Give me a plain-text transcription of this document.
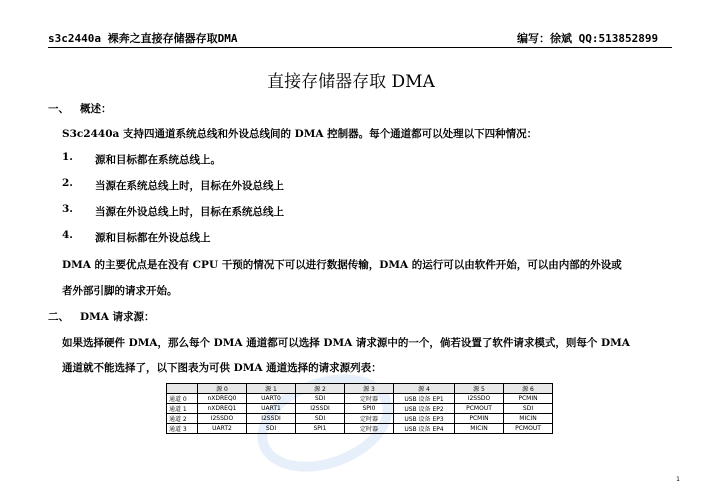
s3c2440a 裸奔之直接存储器存取DMA	编写：徐斌 QQ:513852899
直接存储器存取 DMA
一、 概述：
S3c2440a 支持四通道系统总线和外设总线间的 DMA 控制器。每个通道都可以处理以下四种情况：
1. 源和目标都在系统总线上。
2. 当源在系统总线上时，目标在外设总线上
3. 当源在外设总线上时，目标在系统总线上
4. 源和目标都在外设总线上
DMA 的主要优点是在没有 CPU 干预的情况下可以进行数据传输，DMA 的运行可以由软件开始，可以由内部的外设或
者外部引脚的请求开始。
二、 DMA 请求源：
如果选择硬件 DMA，那么每个 DMA 通道都可以选择 DMA 请求源中的一个，倘若设置了软件请求模式，则每个 DMA
通道就不能选择了，以下图表为可供 DMA 通道选择的请求源列表：
	源 0	源 1	源 2	源 3	源 4	源 5	源 6
通道 0	nXDREQ0	UART0	SDI	定时器	USB 设备 EP1	I2SSDO	PCMIN
通道 1	nXDREQ1	UART1	I2SSDI	SPI0	USB 设备 EP2	PCMOUT	SDI
通道 2	I2SSDO	I2SSDI	SDI	定时器	USB 设备 EP3	PCMIN	MICIN
通道 3	UART2	SDI	SPI1	定时器	USB 设备 EP4	MICIN	PCMOUT
1
